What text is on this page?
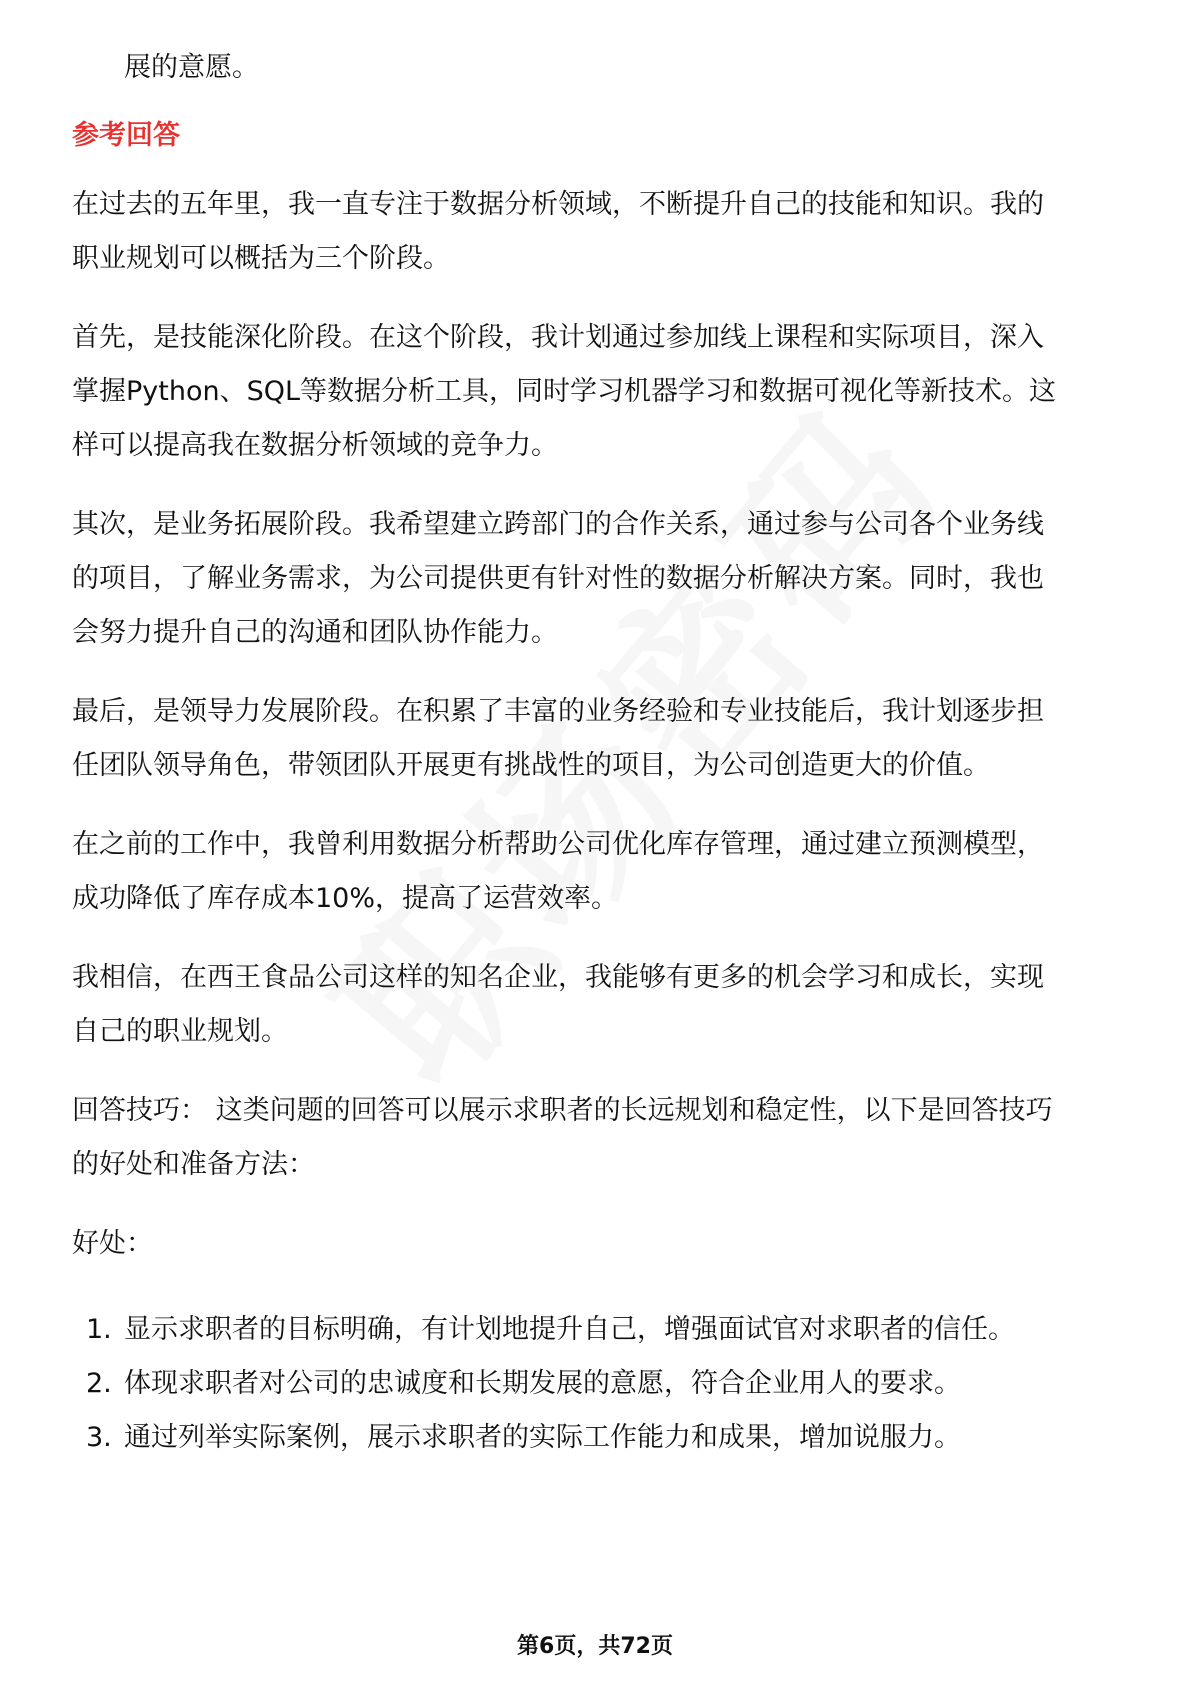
展的意愿。
参考回答
在过去的五年里，我一直专注于数据分析领域，不断提升自己的技能和知识。我的
职业规划可以概括为三个阶段。
首先，是技能深化阶段。在这个阶段，我计划通过参加线上课程和实际项目，深入
掌握Python、SQL等数据分析工具，同时学习机器学习和数据可视化等新技术。这
样可以提高我在数据分析领域的竞争力。
其次，是业务拓展阶段。我希望建立跨部门的合作关系，通过参与公司各个业务线
的项目，了解业务需求，为公司提供更有针对性的数据分析解决方案。同时，我也
会努力提升自己的沟通和团队协作能力。
最后，是领导力发展阶段。在积累了丰富的业务经验和专业技能后，我计划逐步担
任团队领导角色，带领团队开展更有挑战性的项目，为公司创造更大的价值。
在之前的工作中，我曾利用数据分析帮助公司优化库存管理，通过建立预测模型，
成功降低了库存成本10%，提高了运营效率。
我相信，在西王食品公司这样的知名企业，我能够有更多的机会学习和成长，实现
自己的职业规划。
回答技巧： 这类问题的回答可以展示求职者的长远规划和稳定性，以下是回答技巧
的好处和准备方法：
好处：
1. 显示求职者的目标明确，有计划地提升自己，增强面试官对求职者的信任。
2. 体现求职者对公司的忠诚度和长期发展的意愿，符合企业用人的要求。
3. 通过列举实际案例，展示求职者的实际工作能力和成果，增加说服力。
第6页，共72页
